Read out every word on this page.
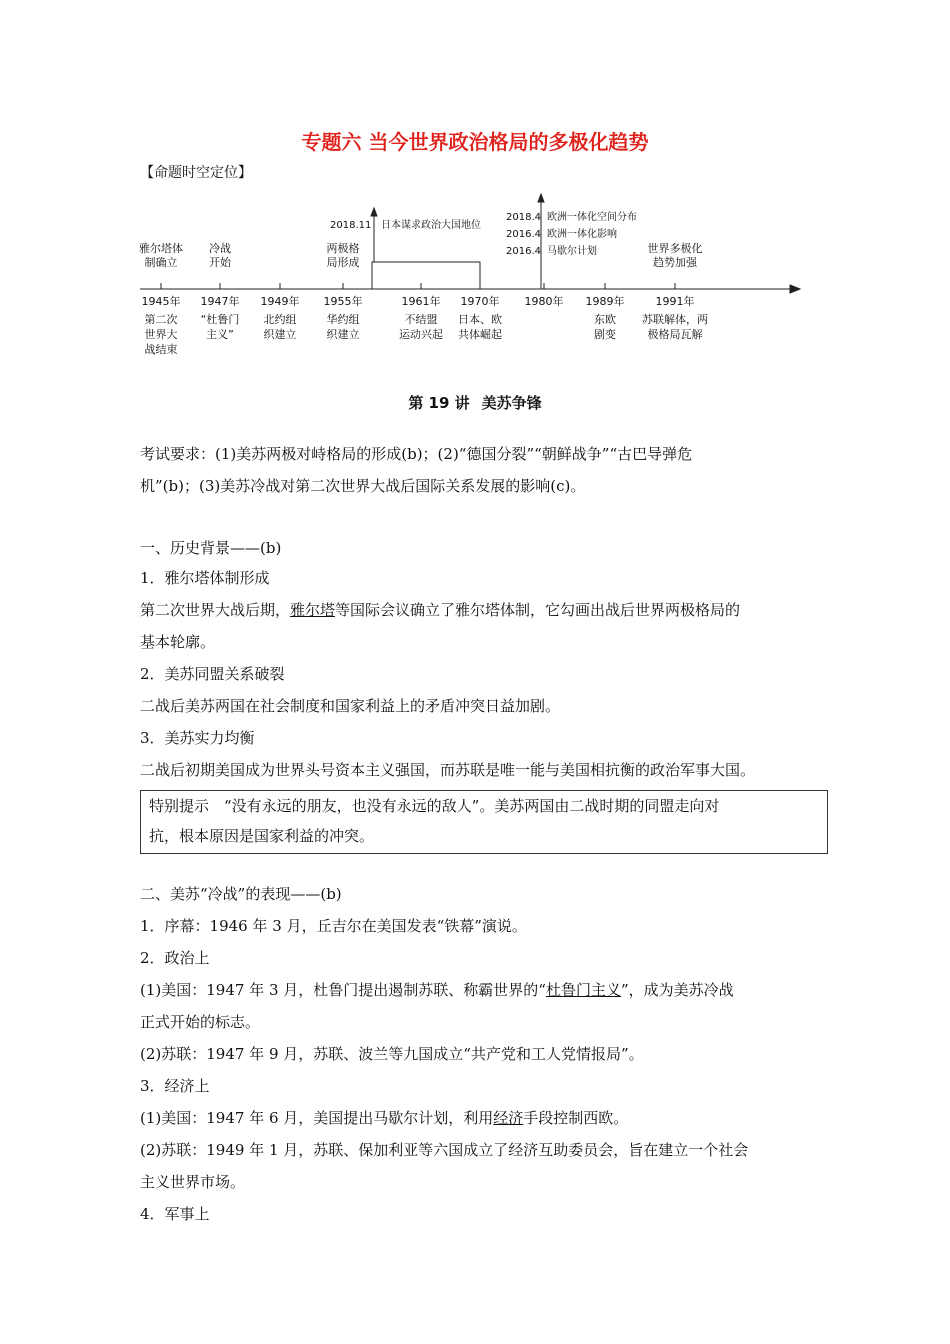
专题六 当今世界政治格局的多极化趋势
【命题时空定位】
1945年
雅尔塔体
制确立
第二次
世界大
战结束
1947年
冷战
开始
“杜鲁门
主义”
1949年
北约组
织建立
1955年
两极格
局形成
华约组
织建立
1961年
不结盟
运动兴起
1970年
日本、欧
共体崛起
1980年 1989年
东欧
剧变
1991年
世界多极化
趋势加强
苏联解体，两
极格局瓦解
2018.11 日本谋求政治大国地位
2018.4 欧洲一体化空间分布
2016.4 欧洲一体化影响
2016.4 马歇尔计划
第 19 讲 美苏争锋
考试要求：(1)美苏两极对峙格局的形成(b)；(2)“德国分裂”“朝鲜战争”“古巴导弹危
机”(b)；(3)美苏冷战对第二次世界大战后国际关系发展的影响(c)。
一、历史背景——(b)
1．雅尔塔体制形成
第二次世界大战后期，雅尔塔等国际会议确立了雅尔塔体制，它勾画出战后世界两极格局的
基本轮廓。
2．美苏同盟关系破裂
二战后美苏两国在社会制度和国家利益上的矛盾冲突日益加剧。
3．美苏实力均衡
二战后初期美国成为世界头号资本主义强国，而苏联是唯一能与美国相抗衡的政治军事大国。
特别提示　“没有永远的朋友，也没有永远的敌人”。美苏两国由二战时期的同盟走向对
抗，根本原因是国家利益的冲突。
二、美苏“冷战”的表现——(b)
1．序幕：1946 年 3 月，丘吉尔在美国发表“铁幕”演说。
2．政治上
(1)美国：1947 年 3 月，杜鲁门提出遏制苏联、称霸世界的“杜鲁门主义”，成为美苏冷战
正式开始的标志。
(2)苏联：1947 年 9 月，苏联、波兰等九国成立“共产党和工人党情报局”。
3．经济上
(1)美国：1947 年 6 月，美国提出马歇尔计划，利用经济手段控制西欧。
(2)苏联：1949 年 1 月，苏联、保加利亚等六国成立了经济互助委员会，旨在建立一个社会
主义世界市场。
4．军事上
